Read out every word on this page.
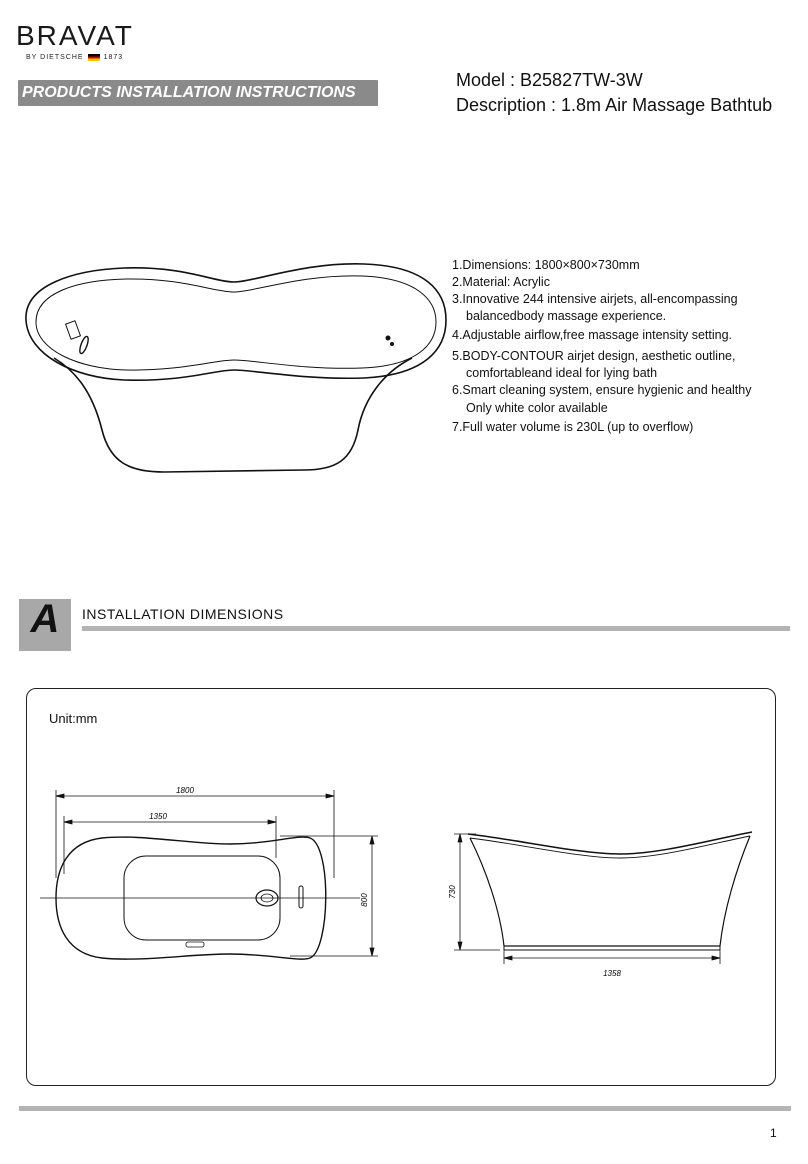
BRAVAT
BY DIETSCHE	1873
PRODUCTS INSTALLATION INSTRUCTIONS
Model : B25827TW-3W
Description : 1.8m Air Massage Bathtub
1.Dimensions: 1800×800×730mm
2.Material: Acrylic
3.Innovative 244 intensive airjets, all-encompassing
balancedbody massage experience.
4.Adjustable airflow,free massage intensity setting.
5.BODY-CONTOUR airjet design, aesthetic outline,
comfortableand ideal for lying bath
6.Smart cleaning system, ensure hygienic and healthy
Only white color available
7.Full water volume is 230L (up to overflow)
A	INSTALLATION DIMENSIONS
Unit:mm
1800
1350
800
730
1358
1
